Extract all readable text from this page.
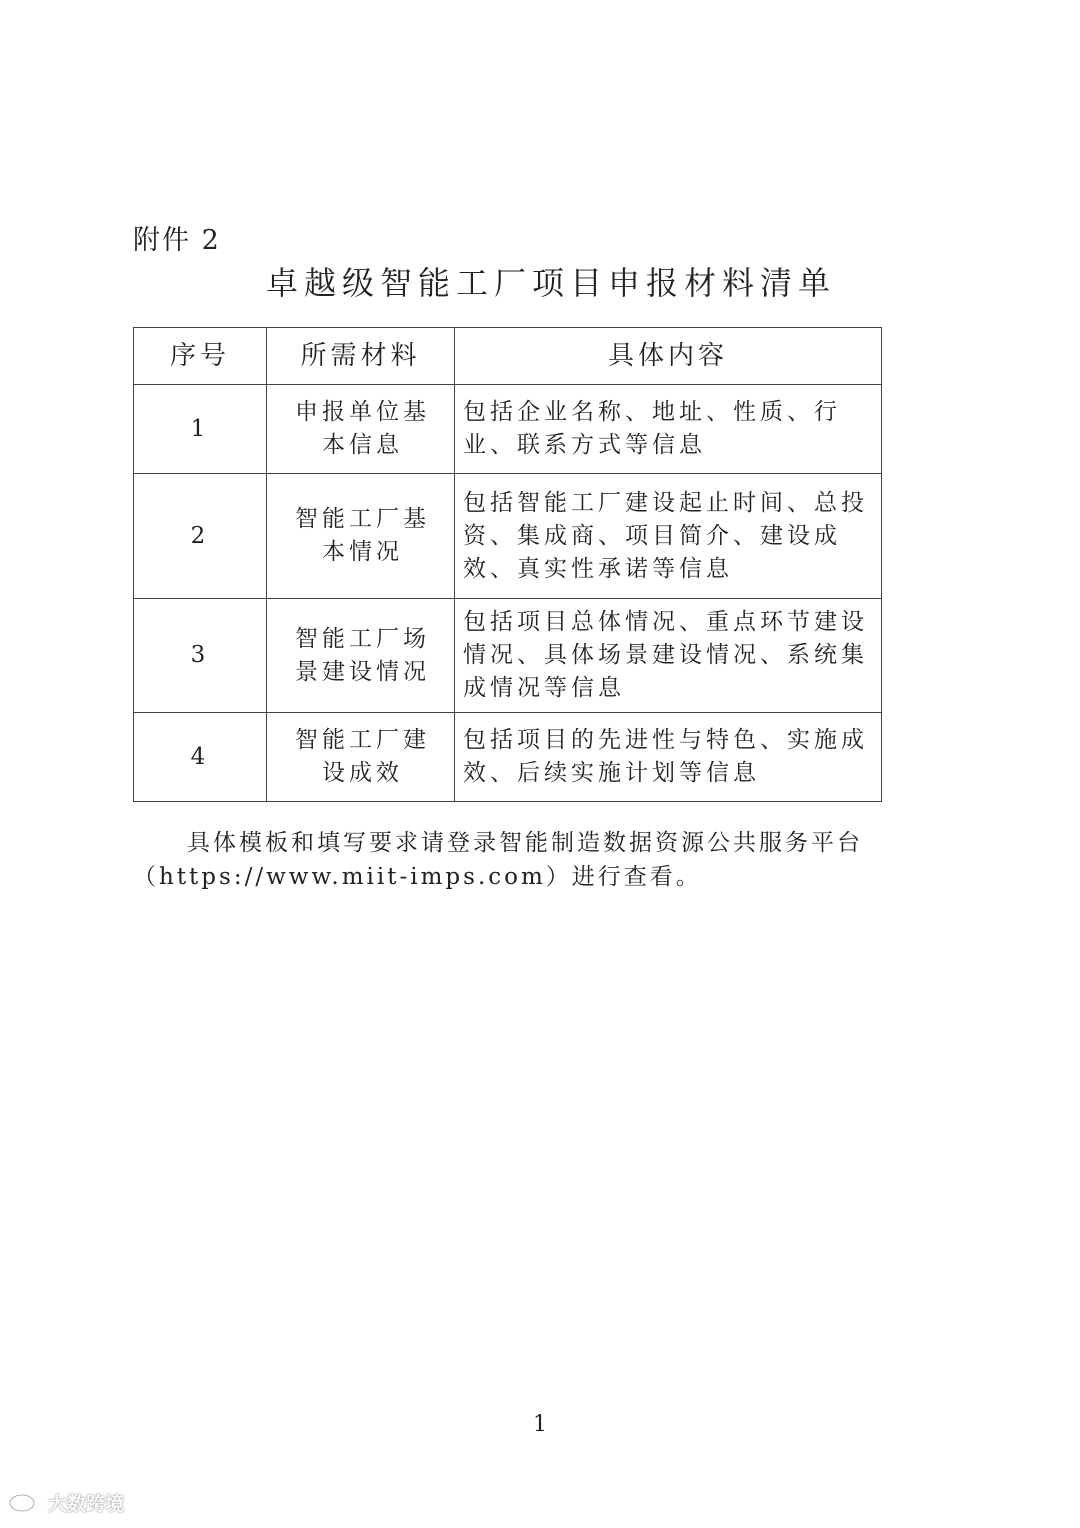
附件 2
卓越级智能工厂项目申报材料清单
序号	所需材料	具体内容
1	申报单位基本信息	包括企业名称、地址、性质、行业、联系方式等信息
2	智能工厂基本情况	包括智能工厂建设起止时间、总投资、集成商、项目简介、建设成效、真实性承诺等信息
3	智能工厂场景建设情况	包括项目总体情况、重点环节建设情况、具体场景建设情况、系统集成情况等信息
4	智能工厂建设成效	包括项目的先进性与特色、实施成效、后续实施计划等信息
具体模板和填写要求请登录智能制造数据资源公共服务平台（https://www.miit-imps.com）进行查看。
1
大数跨境
